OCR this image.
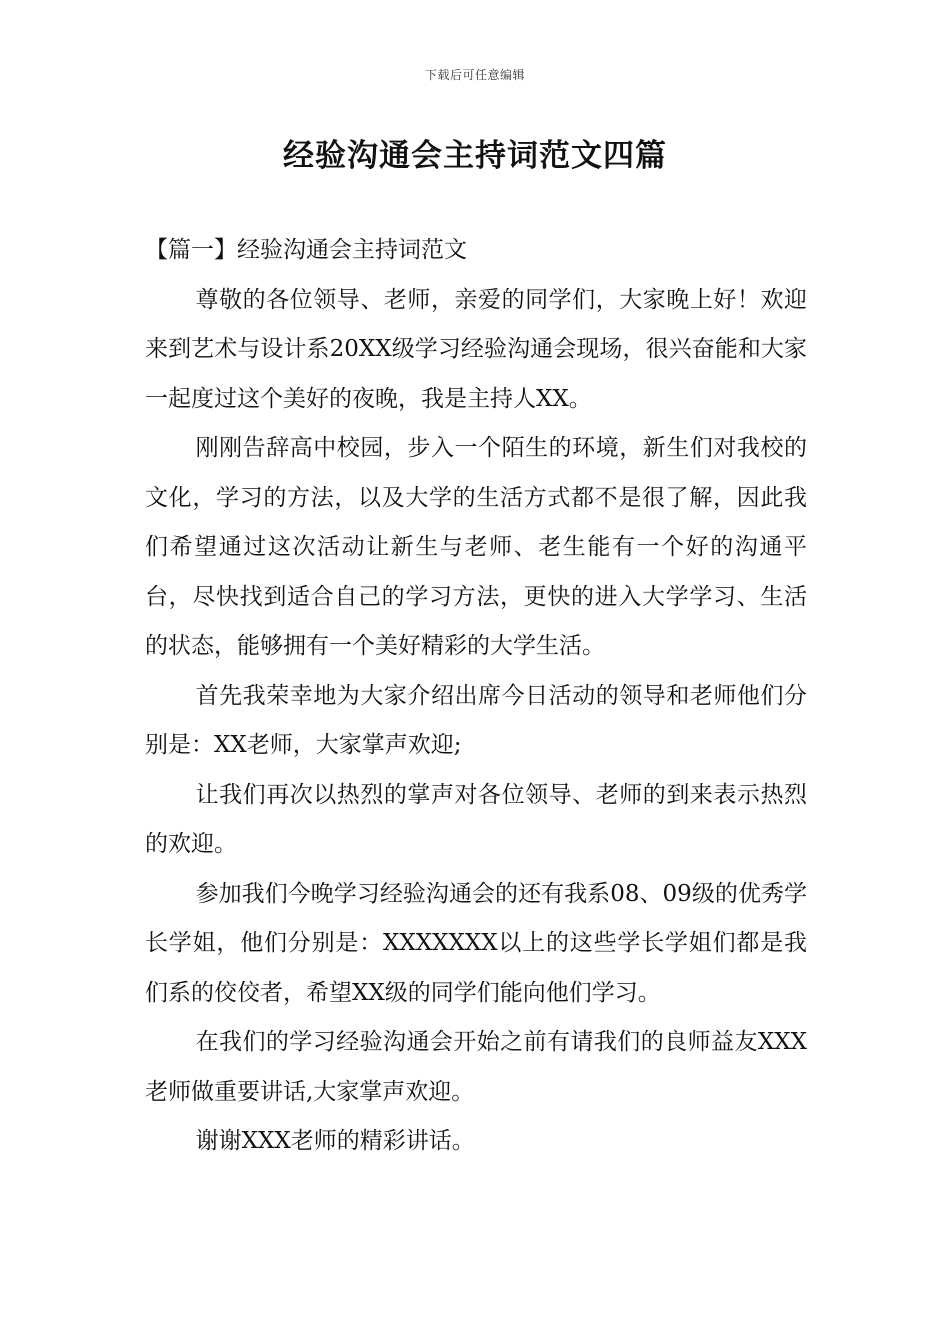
下载后可任意编辑
经验沟通会主持词范文四篇

【篇一】经验沟通会主持词范文

尊敬的各位领导、老师，亲爱的同学们，大家晚上好！欢迎来到艺术与设计系20XX级学习经验沟通会现场，很兴奋能和大家一起度过这个美好的夜晚，我是主持人XX。

刚刚告辞高中校园，步入一个陌生的环境，新生们对我校的文化，学习的方法，以及大学的生活方式都不是很了解，因此我们希望通过这次活动让新生与老师、老生能有一个好的沟通平台，尽快找到适合自己的学习方法，更快的进入大学学习、生活的状态，能够拥有一个美好精彩的大学生活。

首先我荣幸地为大家介绍出席今日活动的领导和老师他们分别是：XX老师，大家掌声欢迎;

让我们再次以热烈的掌声对各位领导、老师的到来表示热烈的欢迎。

参加我们今晚学习经验沟通会的还有我系08、09级的优秀学长学姐，他们分别是：XXXXXXX以上的这些学长学姐们都是我们系的佼佼者，希望XX级的同学们能向他们学习。

在我们的学习经验沟通会开始之前有请我们的良师益友XXX老师做重要讲话,大家掌声欢迎。

谢谢XXX老师的精彩讲话。
